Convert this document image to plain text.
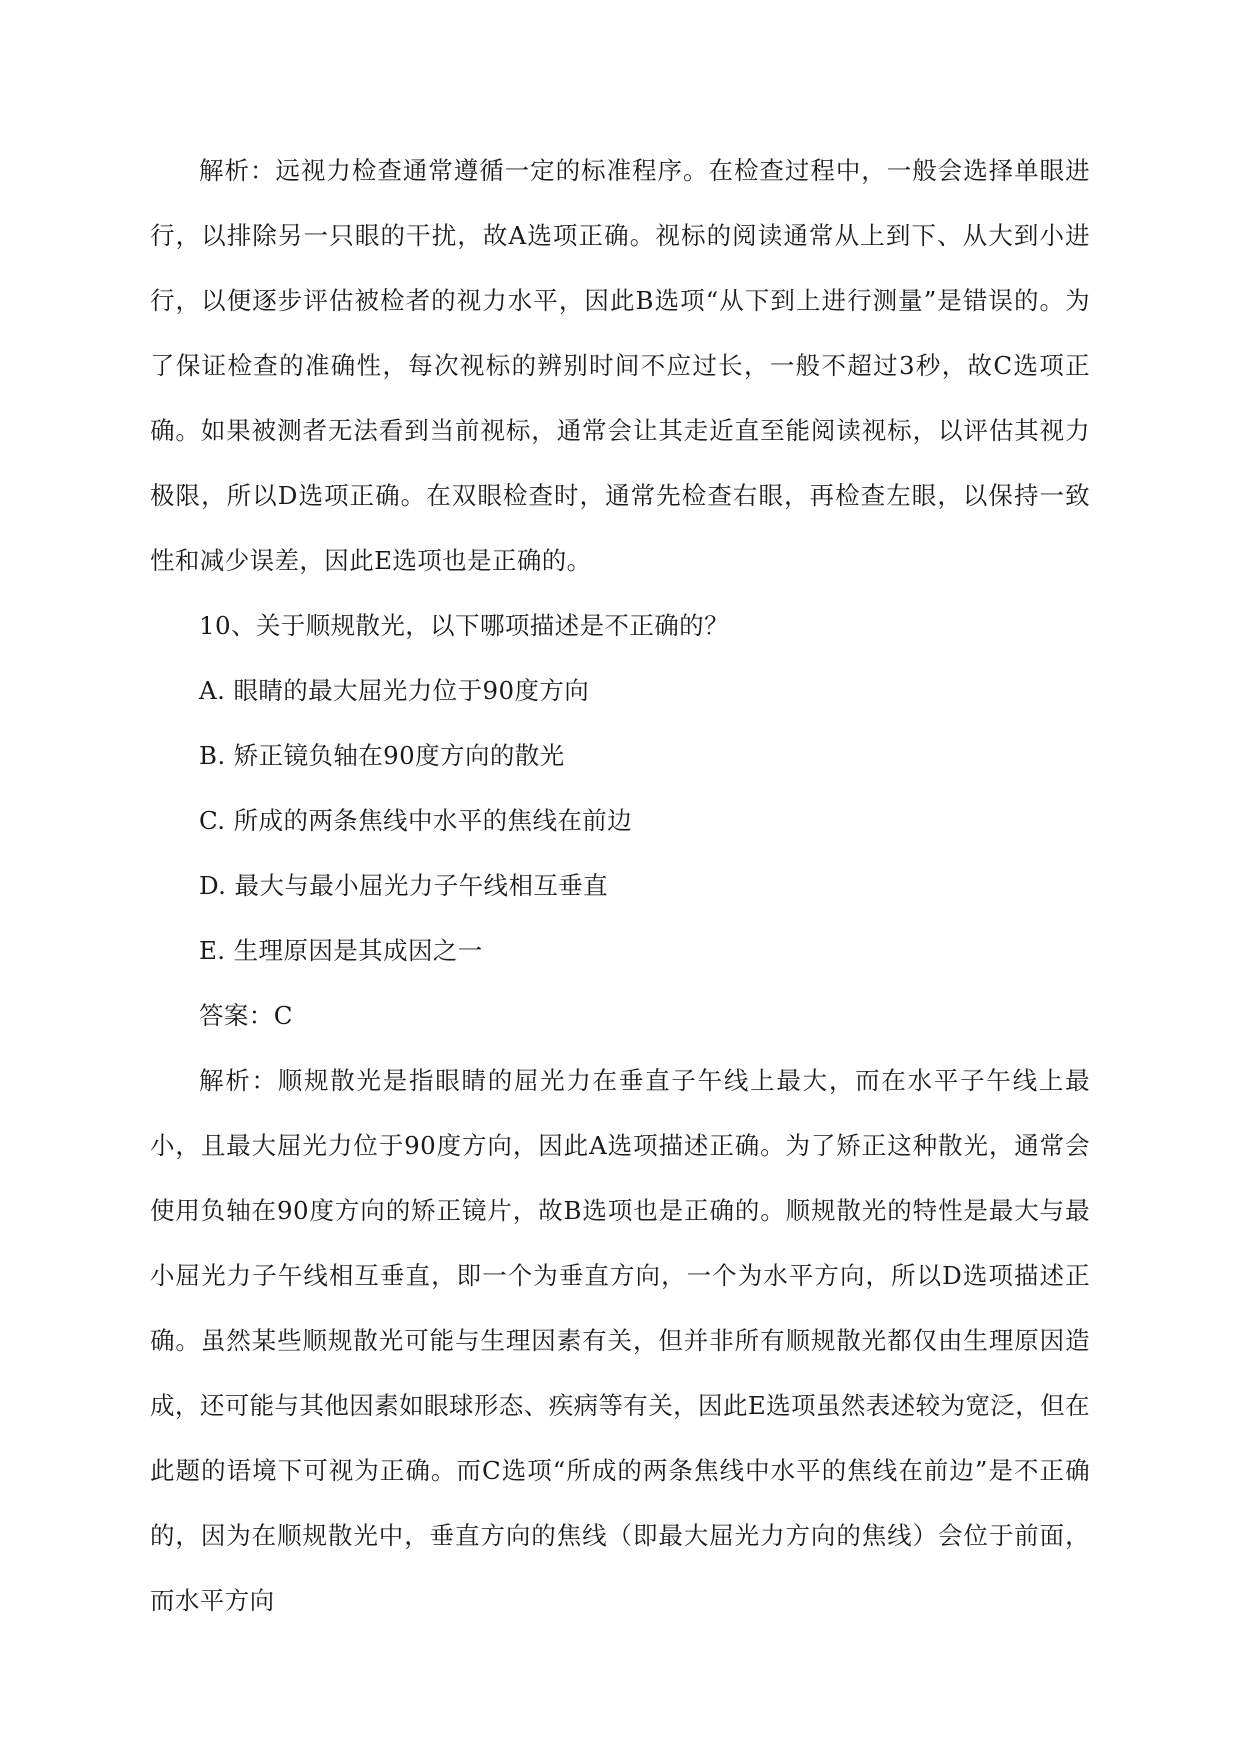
解析：远视力检查通常遵循一定的标准程序。在检查过程中，一般会选择单眼进行，以排除另一只眼的干扰，故A选项正确。视标的阅读通常从上到下、从大到小进行，以便逐步评估被检者的视力水平，因此B选项“从下到上进行测量”是错误的。为了保证检查的准确性，每次视标的辨别时间不应过长，一般不超过3秒，故C选项正确。如果被测者无法看到当前视标，通常会让其走近直至能阅读视标，以评估其视力极限，所以D选项正确。在双眼检查时，通常先检查右眼，再检查左眼，以保持一致性和减少误差，因此E选项也是正确的。

10、关于顺规散光，以下哪项描述是不正确的？

A. 眼睛的最大屈光力位于90度方向

B. 矫正镜负轴在90度方向的散光

C. 所成的两条焦线中水平的焦线在前边

D. 最大与最小屈光力子午线相互垂直

E. 生理原因是其成因之一

答案：C

解析：顺规散光是指眼睛的屈光力在垂直子午线上最大，而在水平子午线上最小，且最大屈光力位于90度方向，因此A选项描述正确。为了矫正这种散光，通常会使用负轴在90度方向的矫正镜片，故B选项也是正确的。顺规散光的特性是最大与最小屈光力子午线相互垂直，即一个为垂直方向，一个为水平方向，所以D选项描述正确。虽然某些顺规散光可能与生理因素有关，但并非所有顺规散光都仅由生理原因造成，还可能与其他因素如眼球形态、疾病等有关，因此E选项虽然表述较为宽泛，但在此题的语境下可视为正确。而C选项“所成的两条焦线中水平的焦线在前边”是不正确的，因为在顺规散光中，垂直方向的焦线（即最大屈光力方向的焦线）会位于前面，而水平方向
